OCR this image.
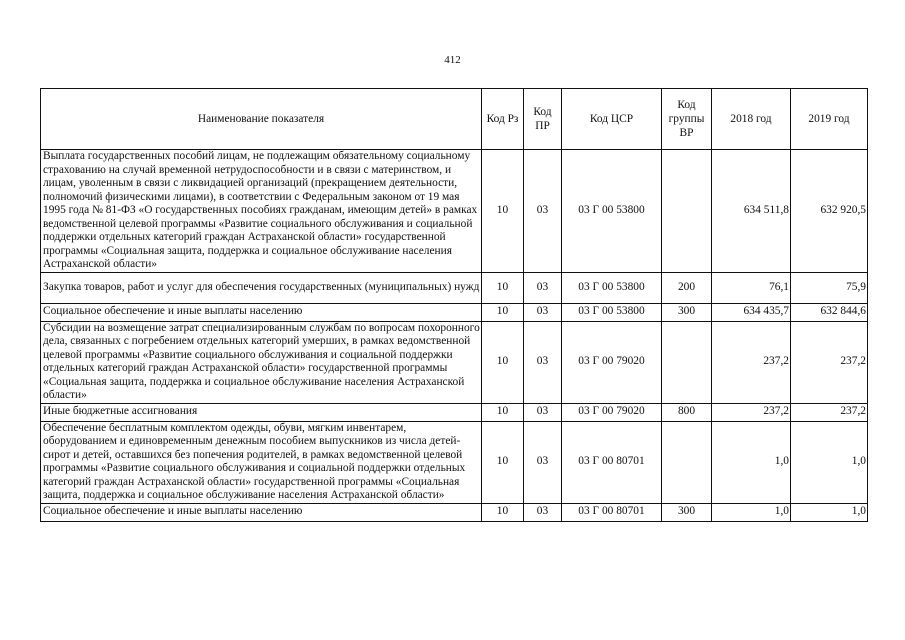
412
Наименование показателя	Код Рз	Код ПР	Код ЦСР	Код группы ВР	2018 год	2019 год
Выплата государственных пособий лицам, не подлежащим обязательному социальному страхованию на случай временной нетрудоспособности и в связи с материнством, и лицам, уволенным в связи с ликвидацией организаций (прекращением деятельности, полномочий физическими лицами), в соответствии с Федеральным законом от 19 мая 1995 года № 81-ФЗ «О государственных пособиях гражданам, имеющим детей» в рамках ведомственной целевой программы «Развитие социального обслуживания и социальной поддержки отдельных категорий граждан Астраханской области» государственной программы «Социальная защита, поддержка и социальное обслуживание населения Астраханской области»	10	03	03 Г 00 53800		634 511,8	632 920,5
Закупка товаров, работ и услуг для обеспечения государственных (муниципальных) нужд	10	03	03 Г 00 53800	200	76,1	75,9
Социальное обеспечение и иные выплаты населению	10	03	03 Г 00 53800	300	634 435,7	632 844,6
Субсидии на возмещение затрат специализированным службам по вопросам похоронного дела, связанных с погребением отдельных категорий умерших, в рамках ведомственной целевой программы «Развитие социального обслуживания и социальной поддержки отдельных категорий граждан Астраханской области» государственной программы «Социальная защита, поддержка и социальное обслуживание населения Астраханской области»	10	03	03 Г 00 79020		237,2	237,2
Иные бюджетные ассигнования	10	03	03 Г 00 79020	800	237,2	237,2
Обеспечение бесплатным комплектом одежды, обуви, мягким инвентарем, оборудованием и единовременным денежным пособием выпускников из числа детей-сирот и детей, оставшихся без попечения родителей, в рамках ведомственной целевой программы «Развитие социального обслуживания и социальной поддержки отдельных категорий граждан Астраханской области» государственной программы «Социальная защита, поддержка и социальное обслуживание населения Астраханской области»	10	03	03 Г 00 80701		1,0	1,0
Социальное обеспечение и иные выплаты населению	10	03	03 Г 00 80701	300	1,0	1,0
